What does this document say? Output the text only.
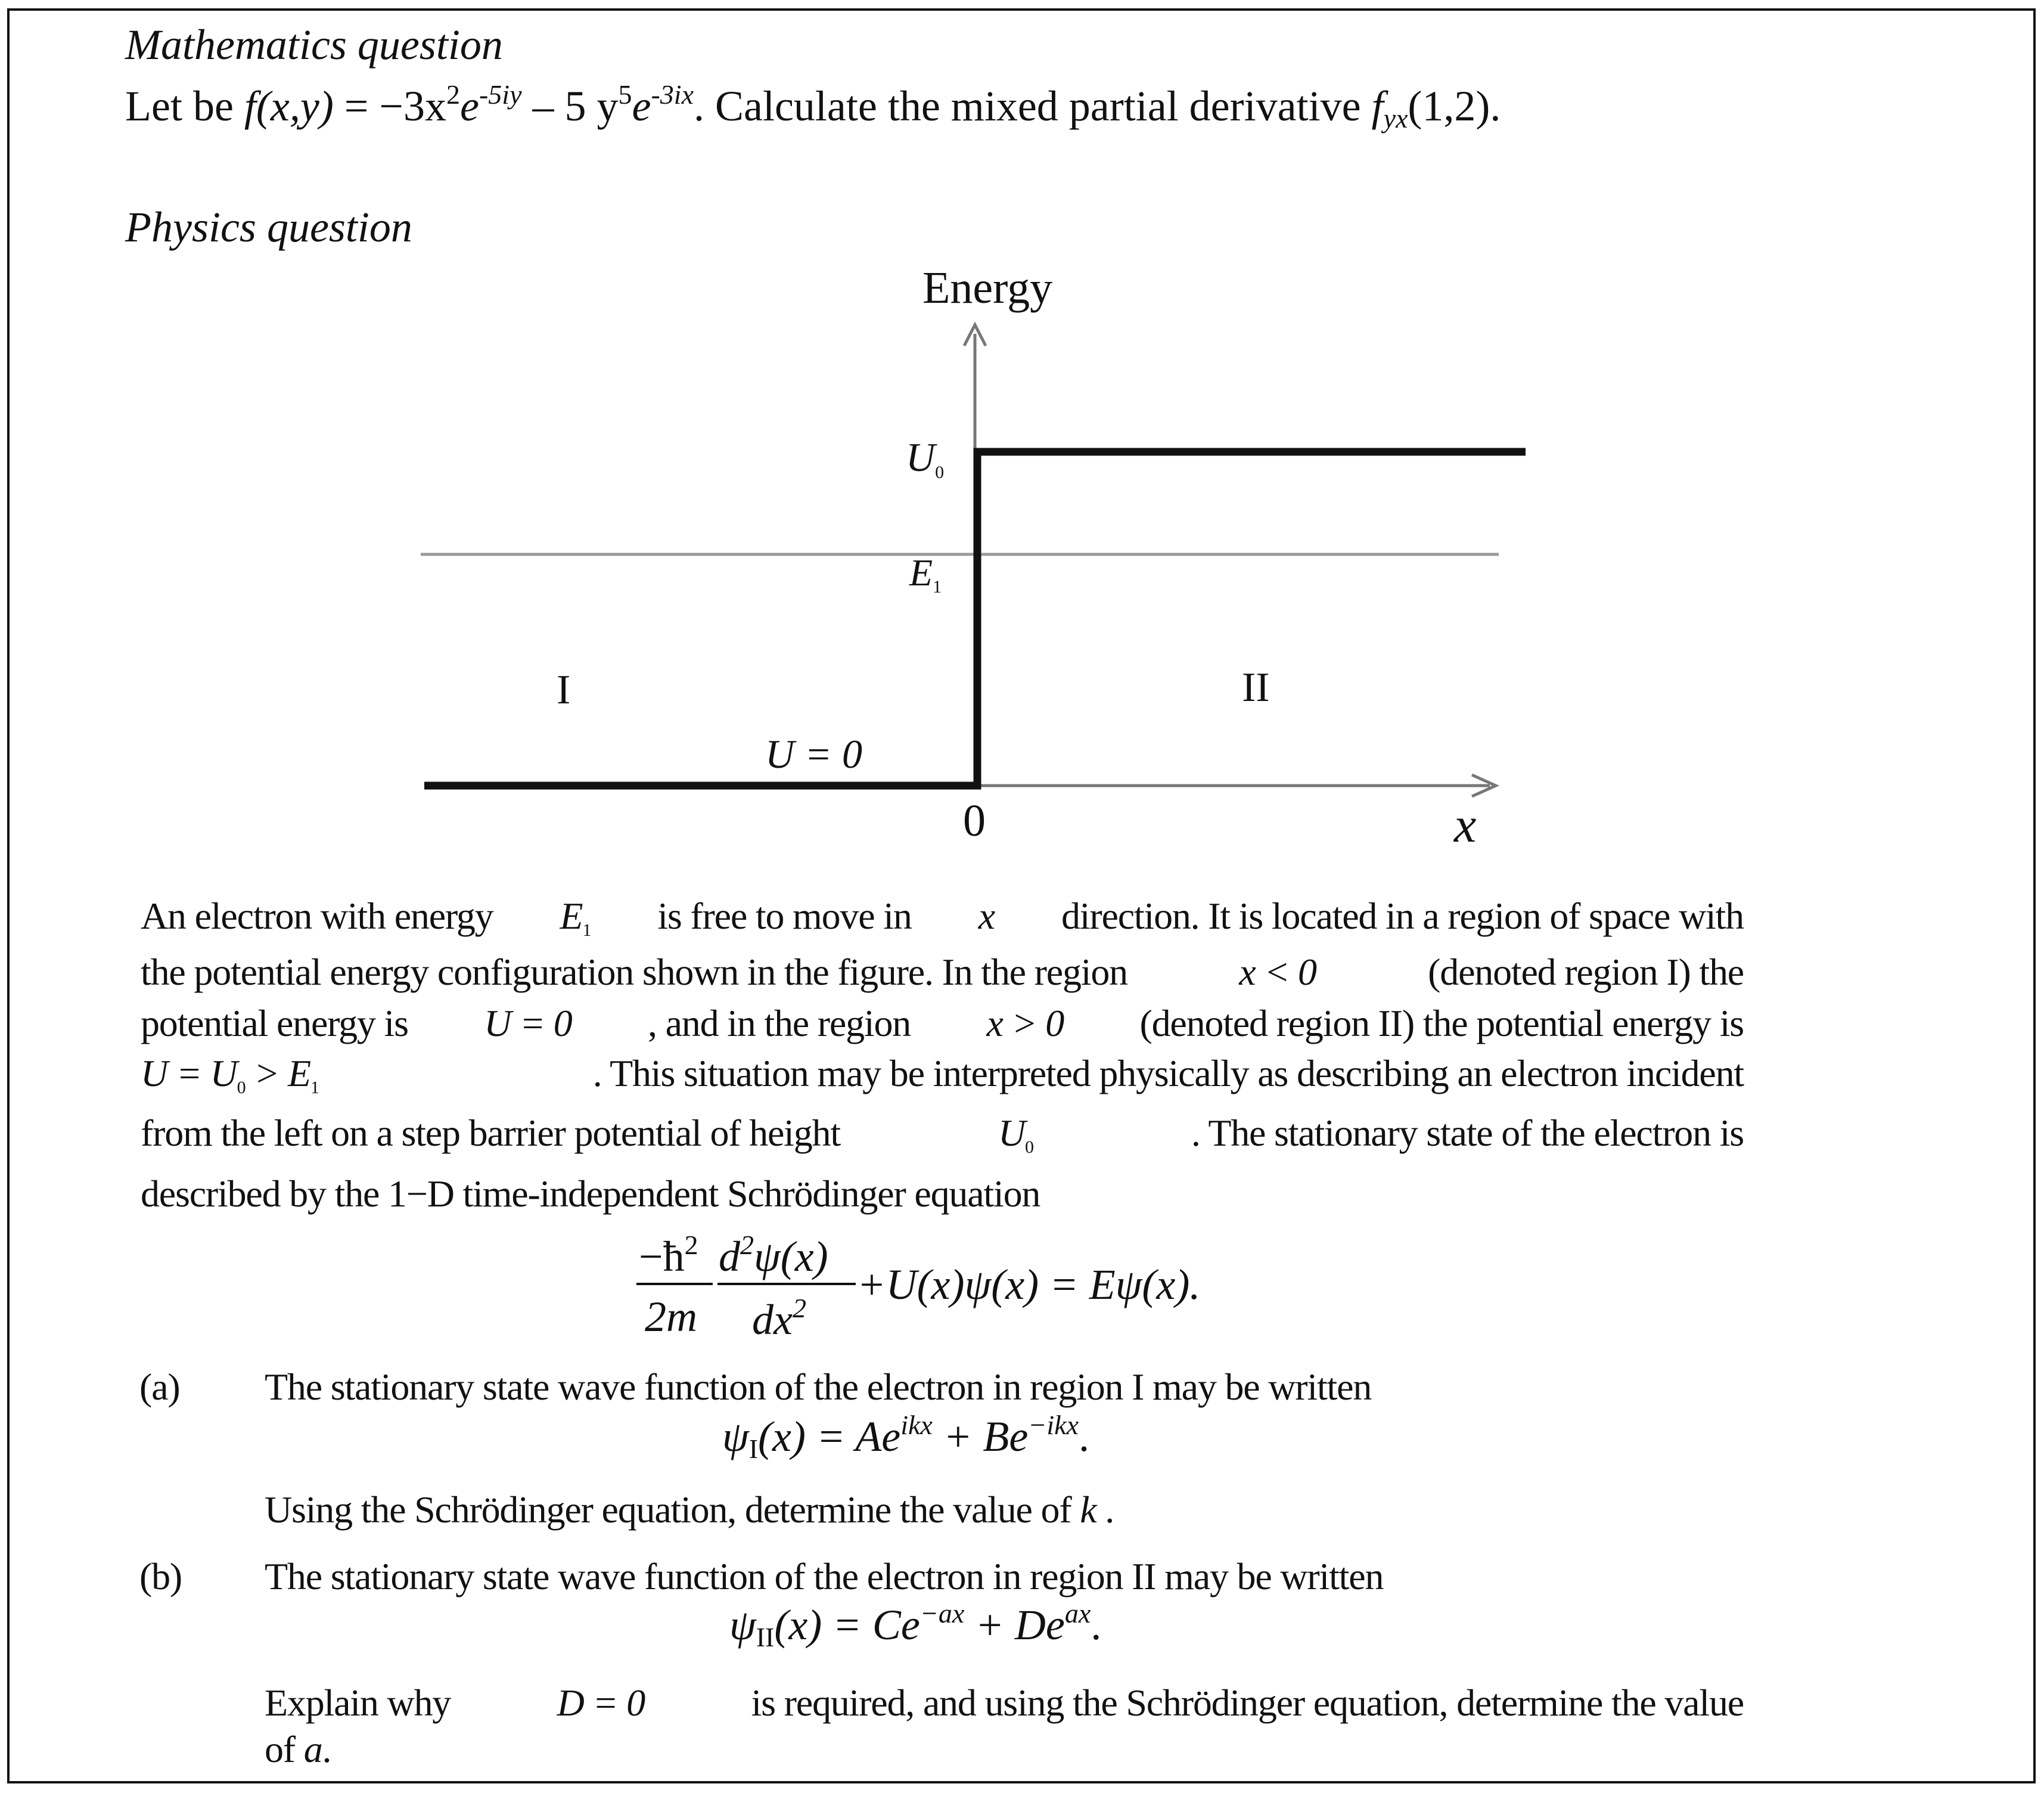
Mathematics question
Let be $f(x,y) = -3x^2e^{-5iy} - 5$ $y^5e^{-3ix}$. Calculate the mixed partial derivative $f_{yx}(1,2)$.
Physics question
Energy
$U_0$
$E_1$
I	II
U = 0
0	x
An electron with energy $E_1$ is free to move in x direction. It is located in a region of space with
the potential energy configuration shown in the figure. In the region	x < 0	(denoted region I) the
potential energy is U = 0 , and in the region x > 0 (denoted region II) the potential energy is
$U = U_0 > E_1$	. This situation may be interpreted physically as describing an electron incident
from the left on a step barrier potential of height	$U_0$	. The stationary state of the electron is
described by the 1−D time-independent Schrödinger equation
$-ħ^2$
2m
$d^2\psi(x)$
$dx^2 +U(x)\psi(x) = E\psi(x)$.
(a) The stationary state wave function of the electron in region I may be written
$\psi_I(x) = Ae^{ikx} + Be^{-ikx}$.
Using the Schrödinger equation, determine the value of k .
(b) The stationary state wave function of the electron in region II may be written
$\psi_{II}(x) = Ce^{-ax} + De^{ax}$.
Explain why	D = 0	is required, and using the Schrödinger equation, determine the value
of a.
